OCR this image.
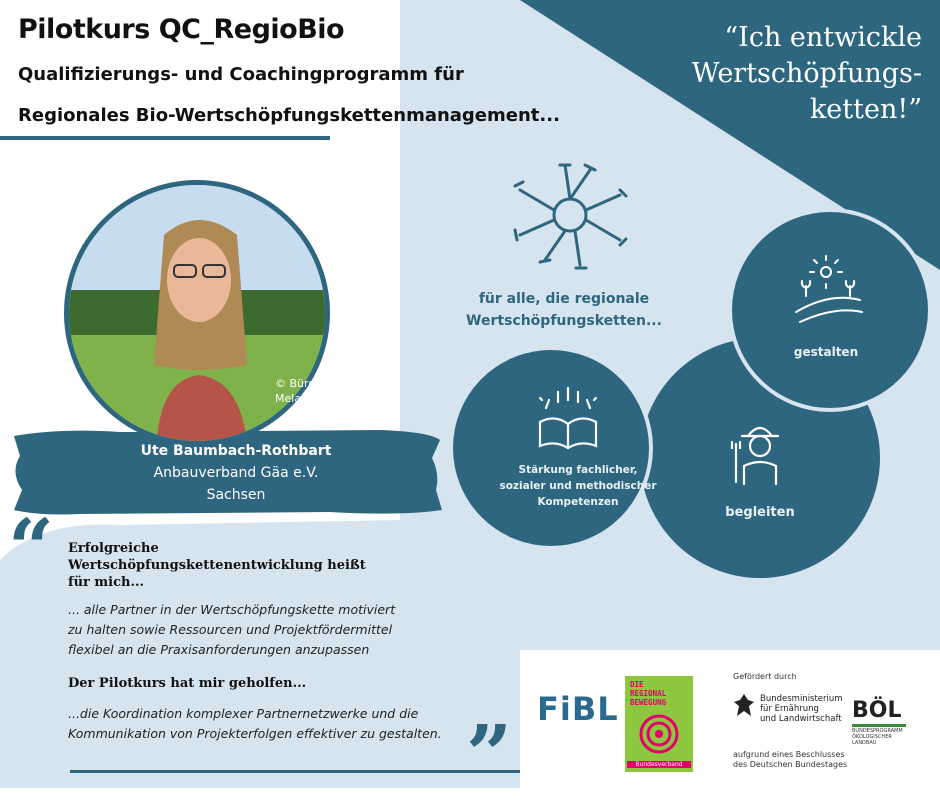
Pilotkurs QC_RegioBio
Qualifizierungs- und Coachingprogramm für
Regionales Bio-Wertschöpfungskettenmanagement...
“Ich entwickle
Wertschöpfungs-
ketten!”
© Bürgermolkerei
Melanie Mahrhold
Ute Baumbach-Rothbart
Anbauverband Gäa e.V.
Sachsen
für alle, die regionale
Wertschöpfungsketten...
gestalten
begleiten
Stärkung fachlicher,
sozialer und methodischer
Kompetenzen
“ Erfolgreiche
Wertschöpfungskettenentwicklung heißt
für mich...
... alle Partner in der Wertschöpfungskette motiviert
zu halten sowie Ressourcen und Projektfördermittel
flexibel an die Praxisanforderungen anzupassen
Der Pilotkurs hat mir geholfen...
...die Koordination komplexer Partnernetzwerke und die
Kommunikation von Projekterfolgen effektiver zu gestalten. ” FiBL
DIE
REGIONAL
BEWEGUNG
Bundesverband
Gefördert durch
Bundesministerium
für Ernährung
und Landwirtschaft
aufgrund eines Beschlusses
des Deutschen Bundestages
BÖL
BUNDESPROGRAMM ÖKOLOGISCHER LANDBAU
